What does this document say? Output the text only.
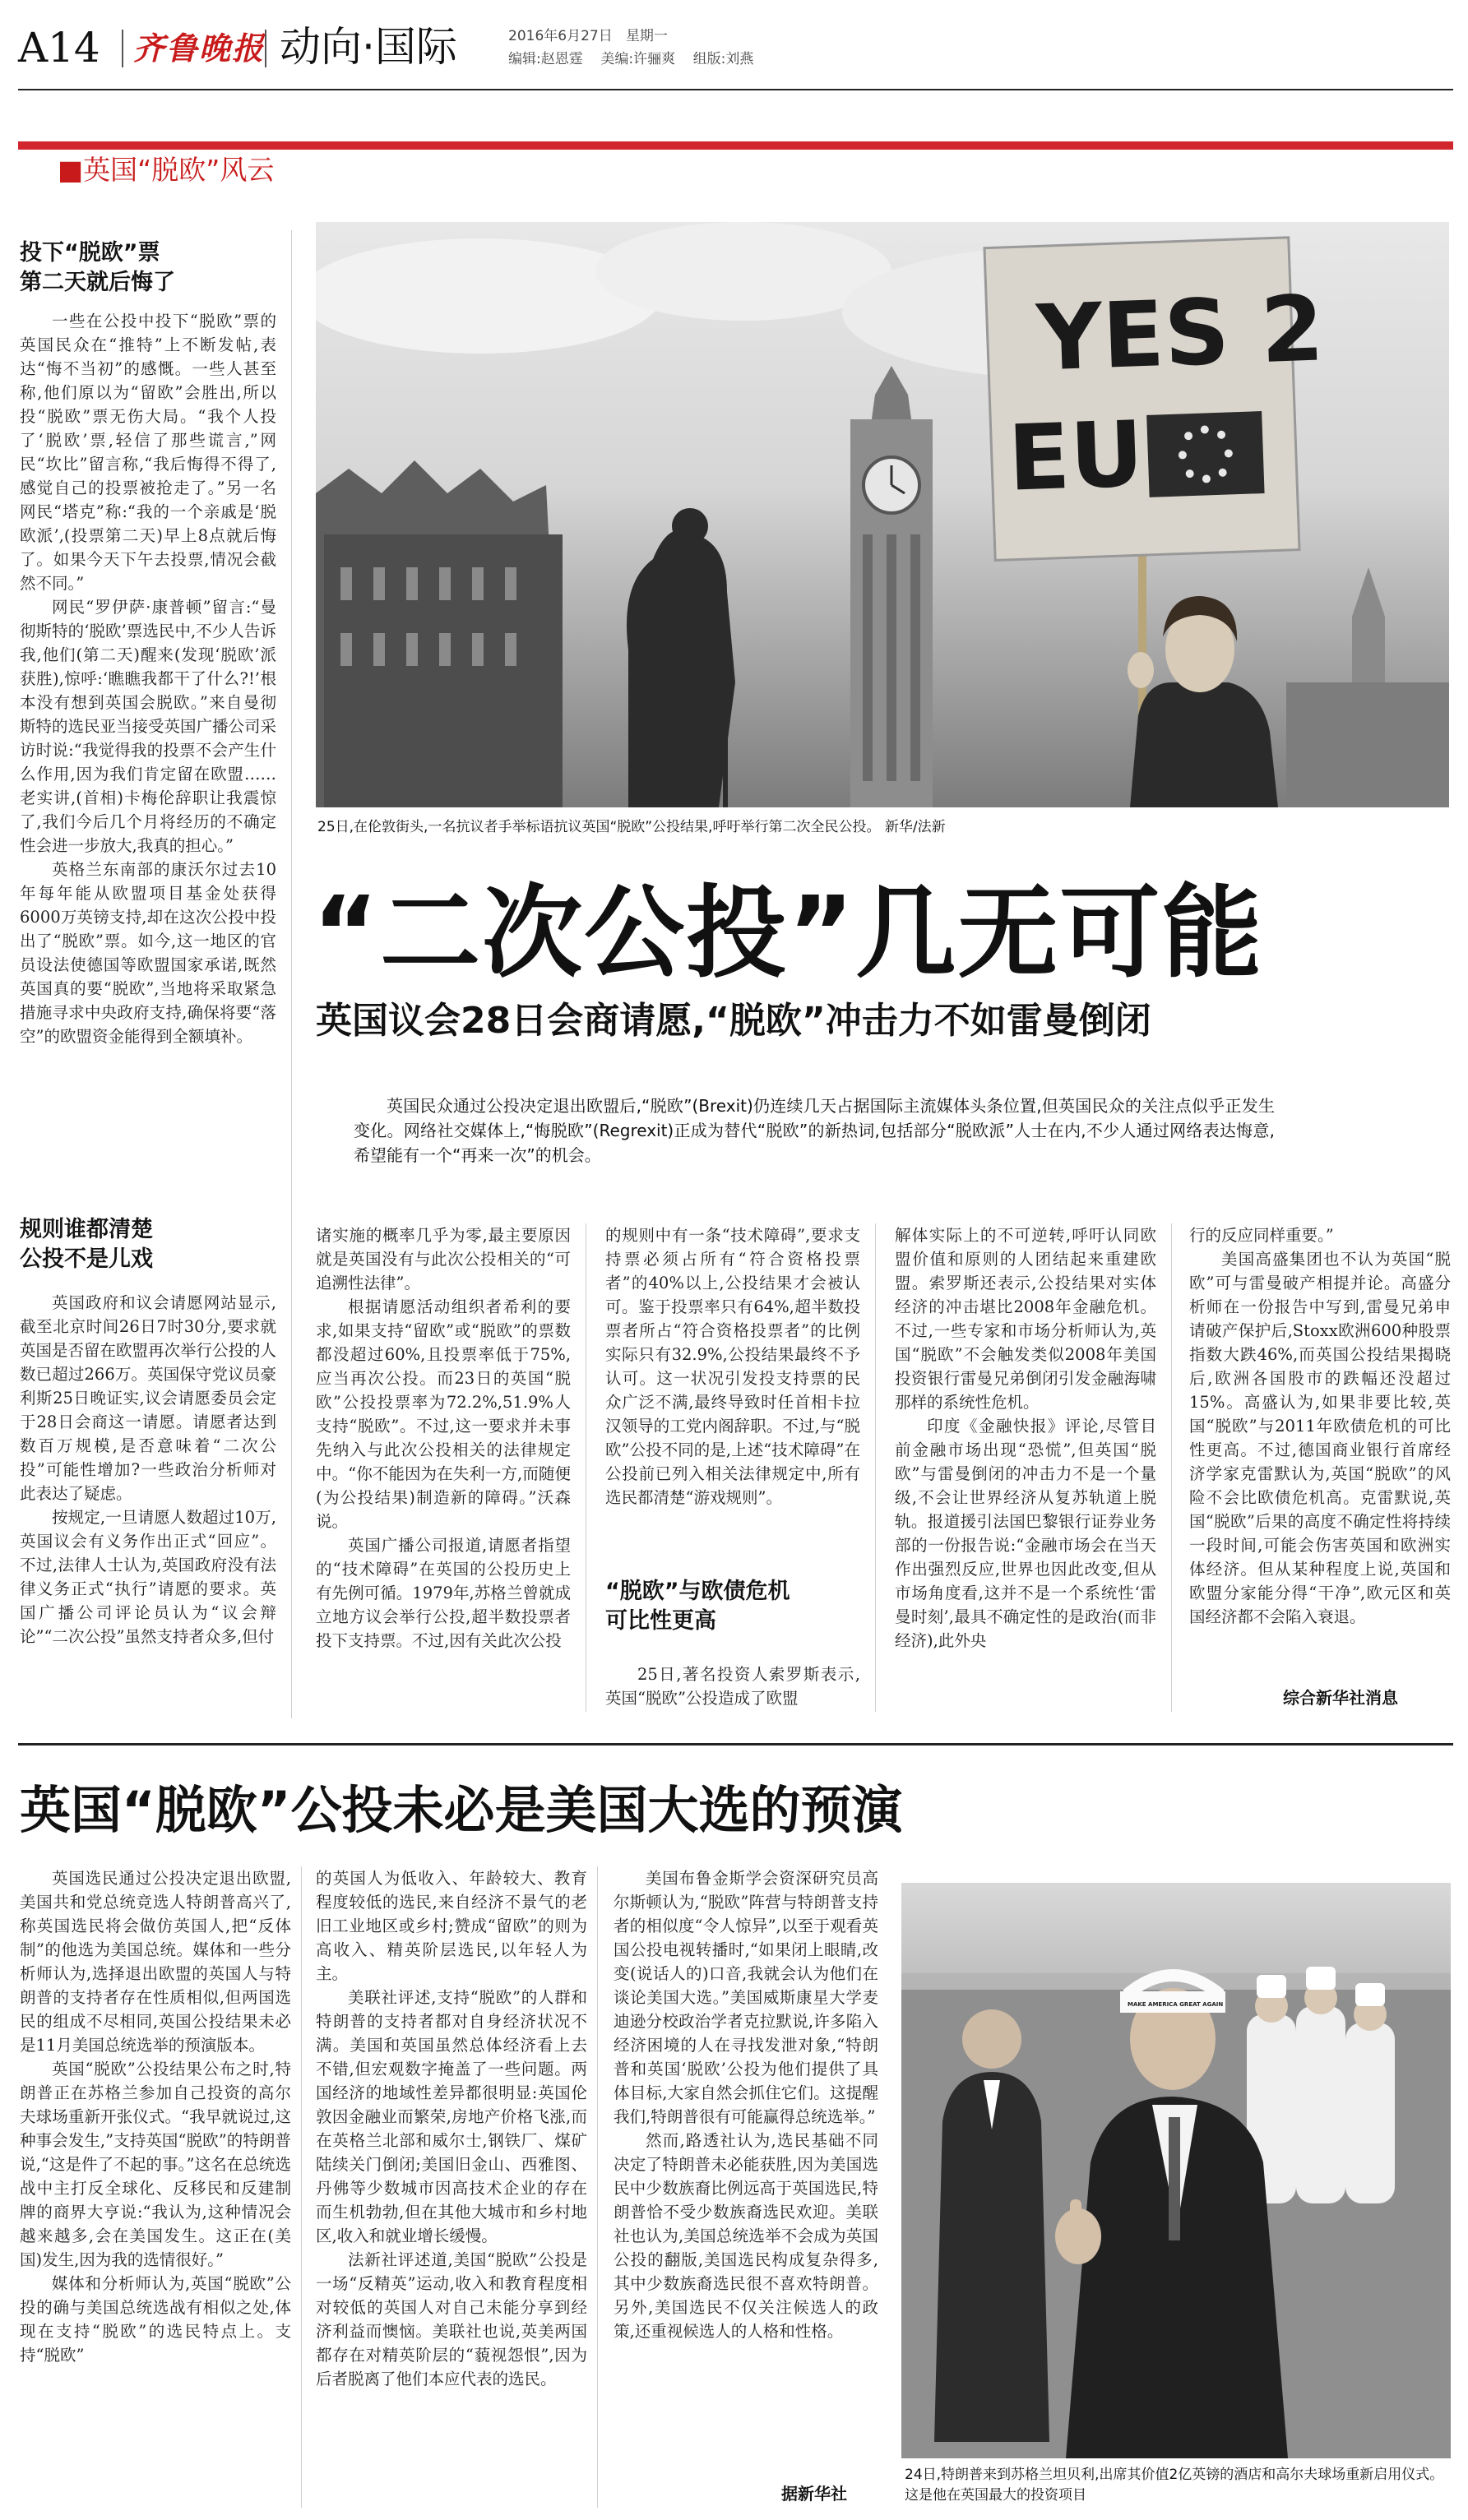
A14 齐鲁晚报 动向·国际	2016年6月27日 星期一
编辑:赵恩霆    美编:许骊爽    组版:刘燕
■英国“脱欧”风云
投下“脱欧”票
第二天就后悔了

一些在公投中投下“脱欧”票的英国民众在“推特”上不断发帖,表达“悔不当初”的感慨。一些人甚至称,他们原以为“留欧”会胜出,所以投“脱欧”票无伤大局。“我个人投了‘脱欧’票,轻信了那些谎言,”网民“坎比”留言称,“我后悔得不得了,感觉自己的投票被抢走了。”另一名网民“塔克”称:“我的一个亲戚是‘脱欧派’,(投票第二天)早上8点就后悔了。如果今天下午去投票,情况会截然不同。”

网民“罗伊萨·康普顿”留言:“曼彻斯特的‘脱欧’票选民中,不少人告诉我,他们(第二天)醒来(发现‘脱欧’派获胜),惊呼:‘瞧瞧我都干了什么?!’根本没有想到英国会脱欧。”来自曼彻斯特的选民亚当接受英国广播公司采访时说:“我觉得我的投票不会产生什么作用,因为我们肯定留在欧盟……老实讲,(首相)卡梅伦辞职让我震惊了,我们今后几个月将经历的不确定性会进一步放大,我真的担心。”

英格兰东南部的康沃尔过去10年每年能从欧盟项目基金处获得6000万英镑支持,却在这次公投中投出了“脱欧”票。如今,这一地区的官员设法使德国等欧盟国家承诺,既然英国真的要“脱欧”,当地将采取紧急措施寻求中央政府支持,确保将要“落空”的欧盟资金能得到全额填补。

规则谁都清楚
公投不是儿戏

英国政府和议会请愿网站显示,截至北京时间26日7时30分,要求就英国是否留在欧盟再次举行公投的人数已超过266万。英国保守党议员豪利斯25日晚证实,议会请愿委员会定于28日会商这一请愿。请愿者达到数百万规模,是否意味着“二次公投”可能性增加?一些政治分析师对此表达了疑虑。

按规定,一旦请愿人数超过10万,英国议会有义务作出正式“回应”。不过,法律人士认为,英国政府没有法律义务正式“执行”请愿的要求。英国广播公司评论员认为“议会辩论”“二次公投”虽然支持者众多,但付

YES 2
EU
25日,在伦敦街头,一名抗议者手举标语抗议英国“脱欧”公投结果,呼吁举行第二次全民公投。 新华/法新
“二次公投”几无可能
英国议会28日会商请愿,“脱欧”冲击力不如雷曼倒闭
英国民众通过公投决定退出欧盟后,“脱欧”(Brexit)仍连续几天占据国际主流媒体头条位置,但英国民众的关注点似乎正发生变化。网络社交媒体上,“悔脱欧”(Regrexit)正成为替代“脱欧”的新热词,包括部分“脱欧派”人士在内,不少人通过网络表达悔意,希望能有一个“再来一次”的机会。

诸实施的概率几乎为零,最主要原因就是英国没有与此次公投相关的“可追溯性法律”。

根据请愿活动组织者希利的要求,如果支持“留欧”或“脱欧”的票数都没超过60%,且投票率低于75%,应当再次公投。而23日的英国“脱欧”公投投票率为72.2%,51.9%人支持“脱欧”。不过,这一要求并未事先纳入与此次公投相关的法律规定中。“你不能因为在失利一方,而随便(为公投结果)制造新的障碍。”沃森说。

英国广播公司报道,请愿者指望的“技术障碍”在英国的公投历史上有先例可循。1979年,苏格兰曾就成立地方议会举行公投,超半数投票者投下支持票。不过,因有关此次公投

的规则中有一条“技术障碍”,要求支持票必须占所有“符合资格投票者”的40%以上,公投结果才会被认可。鉴于投票率只有64%,超半数投票者所占“符合资格投票者”的比例实际只有32.9%,公投结果最终不予认可。这一状况引发投支持票的民众广泛不满,最终导致时任首相卡拉汉领导的工党内阁辞职。不过,与“脱欧”公投不同的是,上述“技术障碍”在公投前已列入相关法律规定中,所有选民都清楚“游戏规则”。

“脱欧”与欧债危机
可比性更高

25日,著名投资人索罗斯表示,英国“脱欧”公投造成了欧盟

解体实际上的不可逆转,呼吁认同欧盟价值和原则的人团结起来重建欧盟。索罗斯还表示,公投结果对实体经济的冲击堪比2008年金融危机。不过,一些专家和市场分析师认为,英国“脱欧”不会触发类似2008年美国投资银行雷曼兄弟倒闭引发金融海啸那样的系统性危机。

印度《金融快报》评论,尽管目前金融市场出现“恐慌”,但英国“脱欧”与雷曼倒闭的冲击力不是一个量级,不会让世界经济从复苏轨道上脱轨。报道援引法国巴黎银行证券业务部的一份报告说:“金融市场会在当天作出强烈反应,世界也因此改变,但从市场角度看,这并不是一个系统性‘雷曼时刻’,最具不确定性的是政治(而非经济),此外央

行的反应同样重要。”

美国高盛集团也不认为英国“脱欧”可与雷曼破产相提并论。高盛分析师在一份报告中写到,雷曼兄弟申请破产保护后,Stoxx欧洲600种股票指数大跌46%,而英国公投结果揭晓后,欧洲各国股市的跌幅还没超过15%。高盛认为,如果非要比较,英国“脱欧”与2011年欧债危机的可比性更高。不过,德国商业银行首席经济学家克雷默认为,英国“脱欧”的风险不会比欧债危机高。克雷默说,英国“脱欧”后果的高度不确定性将持续一段时间,可能会伤害英国和欧洲实体经济。但从某种程度上说,英国和欧盟分家能分得“干净”,欧元区和英国经济都不会陷入衰退。

综合新华社消息
英国“脱欧”公投未必是美国大选的预演

英国选民通过公投决定退出欧盟,美国共和党总统竞选人特朗普高兴了,称英国选民将会做仿英国人,把“反体制”的他选为美国总统。媒体和一些分析师认为,选择退出欧盟的英国人与特朗普的支持者存在性质相似,但两国选民的组成不尽相同,英国公投结果未必是11月美国总统选举的预演版本。

英国“脱欧”公投结果公布之时,特朗普正在苏格兰参加自己投资的高尔夫球场重新开张仪式。“我早就说过,这种事会发生,”支持英国“脱欧”的特朗普说,“这是件了不起的事。”这名在总统选战中主打反全球化、反移民和反建制牌的商界大亨说:“我认为,这种情况会越来越多,会在美国发生。这正在(美国)发生,因为我的选情很好。”

媒体和分析师认为,英国“脱欧”公投的确与美国总统选战有相似之处,体现在支持“脱欧”的选民特点上。支持“脱欧”

的英国人为低收入、年龄较大、教育程度较低的选民,来自经济不景气的老旧工业地区或乡村;赞成“留欧”的则为高收入、精英阶层选民,以年轻人为主。

美联社评述,支持“脱欧”的人群和特朗普的支持者都对自身经济状况不满。美国和英国虽然总体经济看上去不错,但宏观数字掩盖了一些问题。两国经济的地域性差异都很明显:英国伦敦因金融业而繁荣,房地产价格飞涨,而在英格兰北部和威尔士,钢铁厂、煤矿陆续关门倒闭;美国旧金山、西雅图、丹佛等少数城市因高技术企业的存在而生机勃勃,但在其他大城市和乡村地区,收入和就业增长缓慢。

法新社评述道,美国“脱欧”公投是一场“反精英”运动,收入和教育程度相对较低的英国人对自己未能分享到经济利益而懊恼。美联社也说,英美两国都存在对精英阶层的“藐视怨恨”,因为后者脱离了他们本应代表的选民。

美国布鲁金斯学会资深研究员高尔斯顿认为,“脱欧”阵营与特朗普支持者的相似度“令人惊异”,以至于观看英国公投电视转播时,“如果闭上眼睛,改变(说话人的)口音,我就会认为他们在谈论美国大选。”美国威斯康星大学麦迪逊分校政治学者克拉默说,许多陷入经济困境的人在寻找发泄对象,“特朗普和英国‘脱欧’公投为他们提供了具体目标,大家自然会抓住它们。这提醒我们,特朗普很有可能赢得总统选举。”

然而,路透社认为,选民基础不同决定了特朗普未必能获胜,因为美国选民中少数族裔比例远高于英国选民,特朗普恰不受少数族裔选民欢迎。美联社也认为,美国总统选举不会成为英国公投的翻版,美国选民构成复杂得多,其中少数族裔选民很不喜欢特朗普。另外,美国选民不仅关注候选人的政策,还重视候选人的人格和性格。

据新华社
MAKE AMERICA GREAT AGAIN
24日,特朗普来到苏格兰坦贝利,出席其价值2亿英镑的酒店和高尔夫球场重新启用仪式。这是他在英国最大的投资项目
